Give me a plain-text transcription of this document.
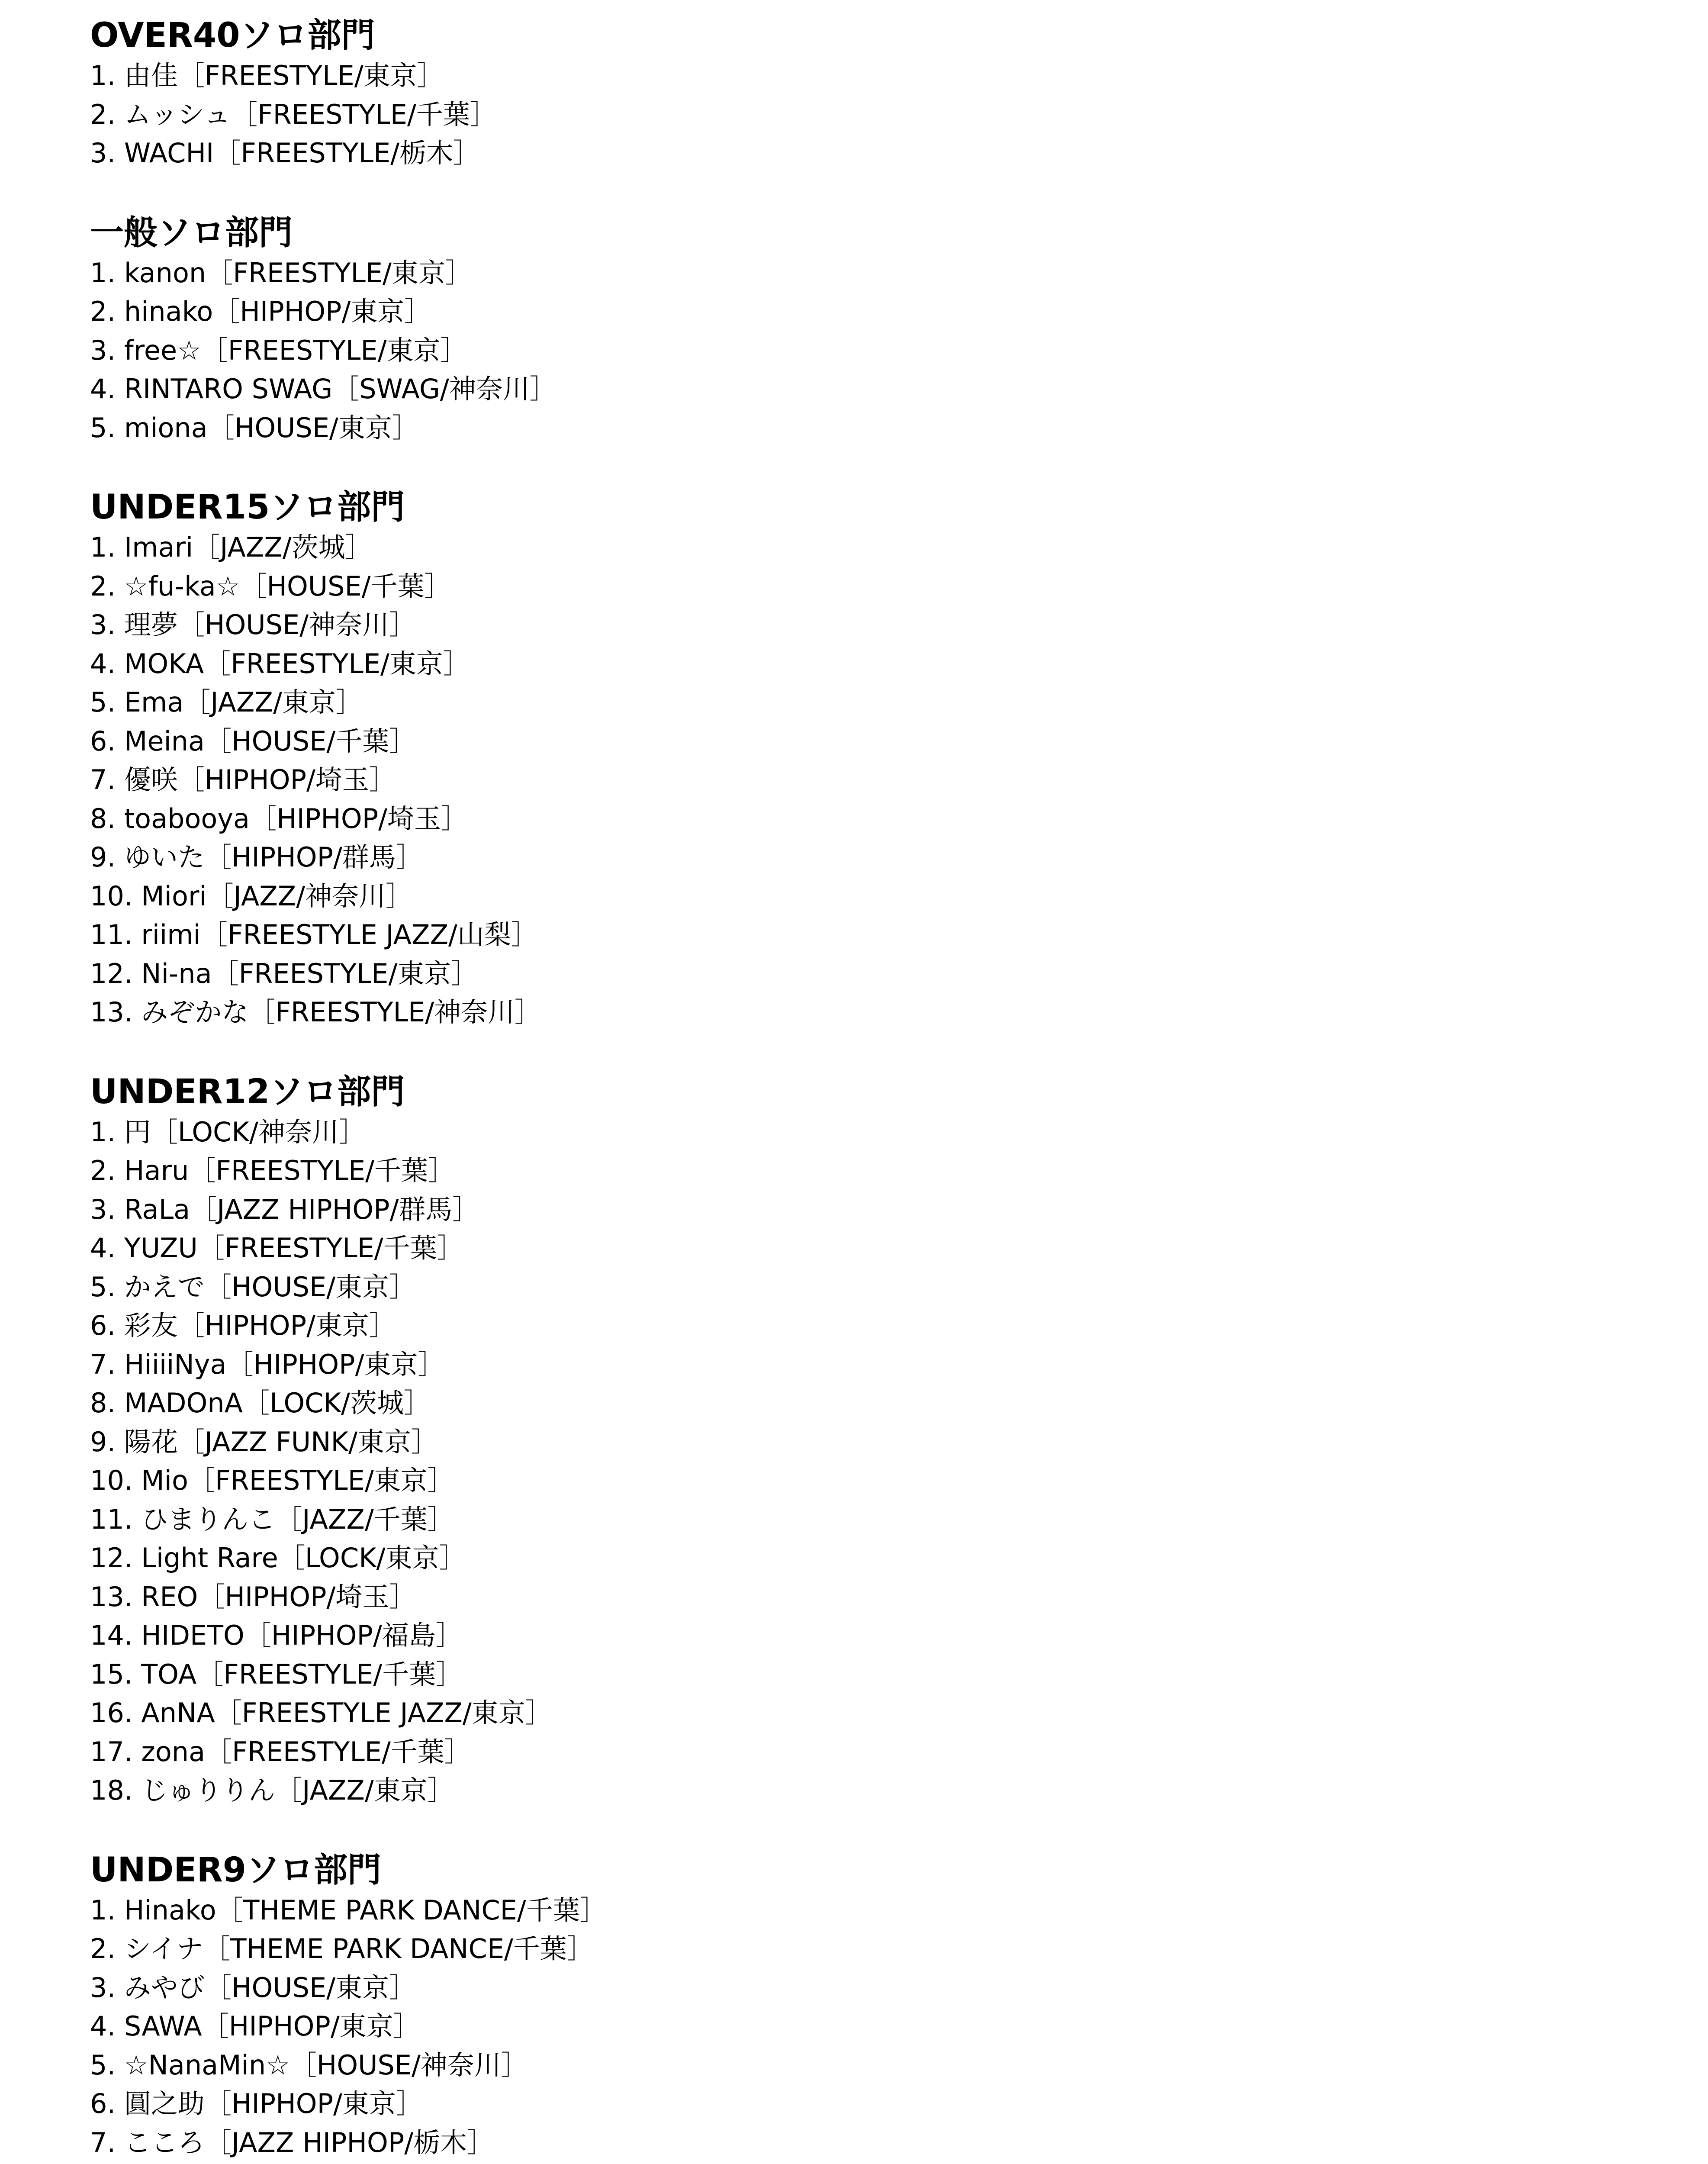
OVER40ソロ部門
1. 由佳［FREESTYLE/東京］
2. ムッシュ［FREESTYLE/千葉］
3. WACHI［FREESTYLE/栃木］
一般ソロ部門
1. kanon［FREESTYLE/東京］
2. hinako［HIPHOP/東京］
3. free☆［FREESTYLE/東京］
4. RINTARO SWAG［SWAG/神奈川］
5. miona［HOUSE/東京］
UNDER15ソロ部門
1. Imari［JAZZ/茨城］
2. ☆fu-ka☆［HOUSE/千葉］
3. 理夢［HOUSE/神奈川］
4. MOKA［FREESTYLE/東京］
5. Ema［JAZZ/東京］
6. Meina［HOUSE/千葉］
7. 優咲［HIPHOP/埼玉］
8. toabooya［HIPHOP/埼玉］
9. ゆいた［HIPHOP/群馬］
10. Miori［JAZZ/神奈川］
11. riimi［FREESTYLE JAZZ/山梨］
12. Ni-na［FREESTYLE/東京］
13. みぞかな［FREESTYLE/神奈川］
UNDER12ソロ部門
1. 円［LOCK/神奈川］
2. Haru［FREESTYLE/千葉］
3. RaLa［JAZZ HIPHOP/群馬］
4. YUZU［FREESTYLE/千葉］
5. かえで［HOUSE/東京］
6. 彩友［HIPHOP/東京］
7. HiiiiNya［HIPHOP/東京］
8. MADOnA［LOCK/茨城］
9. 陽花［JAZZ FUNK/東京］
10. Mio［FREESTYLE/東京］
11. ひまりんこ［JAZZ/千葉］
12. Light Rare［LOCK/東京］
13. REO［HIPHOP/埼玉］
14. HIDETO［HIPHOP/福島］
15. TOA［FREESTYLE/千葉］
16. AnNA［FREESTYLE JAZZ/東京］
17. zona［FREESTYLE/千葉］
18. じゅりりん［JAZZ/東京］
UNDER9ソロ部門
1. Hinako［THEME PARK DANCE/千葉］
2. シイナ［THEME PARK DANCE/千葉］
3. みやび［HOUSE/東京］
4. SAWA［HIPHOP/東京］
5. ☆NanaMin☆［HOUSE/神奈川］
6. 圓之助［HIPHOP/東京］
7. こころ［JAZZ HIPHOP/栃木］
